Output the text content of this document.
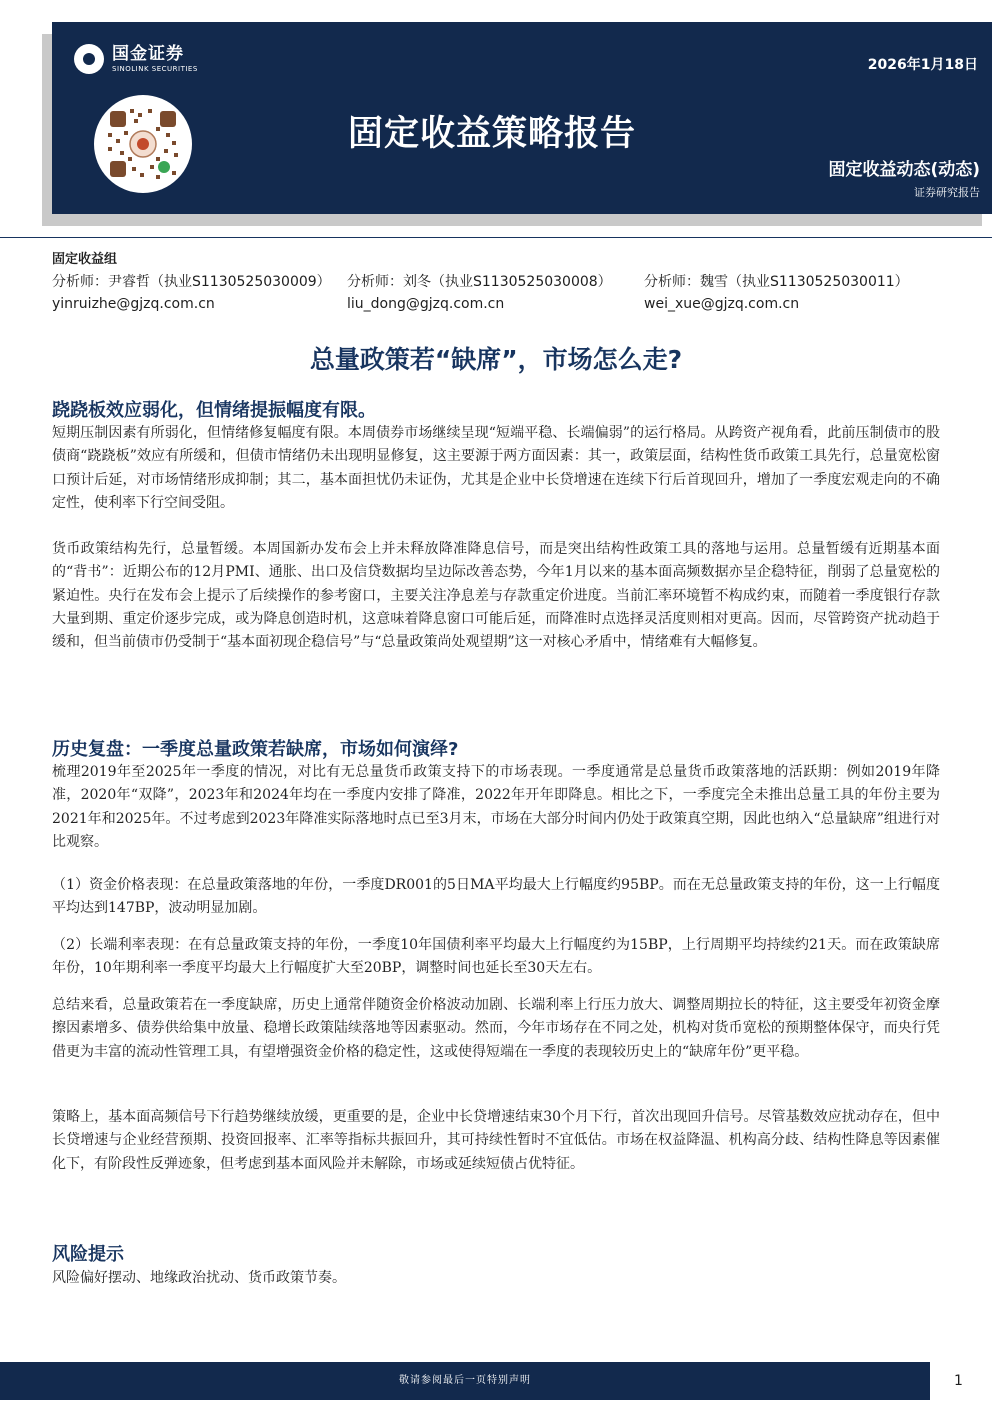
国金证券
SINOLINK SECURITIES	2026年1月18日
固定收益策略报告
固定收益动态(动态)
证券研究报告
固定收益组
分析师：尹睿哲（执业S1130525030009）
yinruizhe@gjzq.com.cn
分析师：刘冬（执业S1130525030008）
liu_dong@gjzq.com.cn
分析师：魏雪（执业S1130525030011）
wei_xue@gjzq.com.cn
总量政策若“缺席”，市场怎么走?
跷跷板效应弱化，但情绪提振幅度有限。

短期压制因素有所弱化，但情绪修复幅度有限。本周债券市场继续呈现“短端平稳、长端偏弱”的运行格局。从跨资产视角看，此前压制债市的股债商“跷跷板”效应有所缓和，但债市情绪仍未出现明显修复，这主要源于两方面因素：其一，政策层面，结构性货币政策工具先行，总量宽松窗口预计后延，对市场情绪形成抑制；其二，基本面担忧仍未证伪，尤其是企业中长贷增速在连续下行后首现回升，增加了一季度宏观走向的不确定性，使利率下行空间受阻。

货币政策结构先行，总量暂缓。本周国新办发布会上并未释放降准降息信号，而是突出结构性政策工具的落地与运用。总量暂缓有近期基本面的“背书”：近期公布的12月PMI、通胀、出口及信贷数据均呈边际改善态势，今年1月以来的基本面高频数据亦呈企稳特征，削弱了总量宽松的紧迫性。央行在发布会上提示了后续操作的参考窗口，主要关注净息差与存款重定价进度。当前汇率环境暂不构成约束，而随着一季度银行存款大量到期、重定价逐步完成，或为降息创造时机，这意味着降息窗口可能后延，而降准时点选择灵活度则相对更高。因而，尽管跨资产扰动趋于缓和，但当前债市仍受制于“基本面初现企稳信号”与“总量政策尚处观望期”这一对核心矛盾中，情绪难有大幅修复。

历史复盘：一季度总量政策若缺席，市场如何演绎?

梳理2019年至2025年一季度的情况，对比有无总量货币政策支持下的市场表现。一季度通常是总量货币政策落地的活跃期：例如2019年降准，2020年“双降”，2023年和2024年均在一季度内安排了降准，2022年开年即降息。相比之下，一季度完全未推出总量工具的年份主要为2021年和2025年。不过考虑到2023年降准实际落地时点已至3月末，市场在大部分时间内仍处于政策真空期，因此也纳入“总量缺席”组进行对比观察。

（1）资金价格表现：在总量政策落地的年份，一季度DR001的5日MA平均最大上行幅度约95BP。而在无总量政策支持的年份，这一上行幅度平均达到147BP，波动明显加剧。

（2）长端利率表现：在有总量政策支持的年份，一季度10年国债利率平均最大上行幅度约为15BP，上行周期平均持续约21天。而在政策缺席年份，10年期利率一季度平均最大上行幅度扩大至20BP，调整时间也延长至30天左右。

总结来看，总量政策若在一季度缺席，历史上通常伴随资金价格波动加剧、长端利率上行压力放大、调整周期拉长的特征，这主要受年初资金摩擦因素增多、债券供给集中放量、稳增长政策陆续落地等因素驱动。然而，今年市场存在不同之处，机构对货币宽松的预期整体保守，而央行凭借更为丰富的流动性管理工具，有望增强资金价格的稳定性，这或使得短端在一季度的表现较历史上的“缺席年份”更平稳。

策略上，基本面高频信号下行趋势继续放缓，更重要的是，企业中长贷增速结束30个月下行，首次出现回升信号。尽管基数效应扰动存在，但中长贷增速与企业经营预期、投资回报率、汇率等指标共振回升，其可持续性暂时不宜低估。市场在权益降温、机构高分歧、结构性降息等因素催化下，有阶段性反弹迹象，但考虑到基本面风险并未解除，市场或延续短债占优特征。

风险提示

风险偏好摆动、地缘政治扰动、货币政策节奏。

敬请参阅最后一页特别声明	1
